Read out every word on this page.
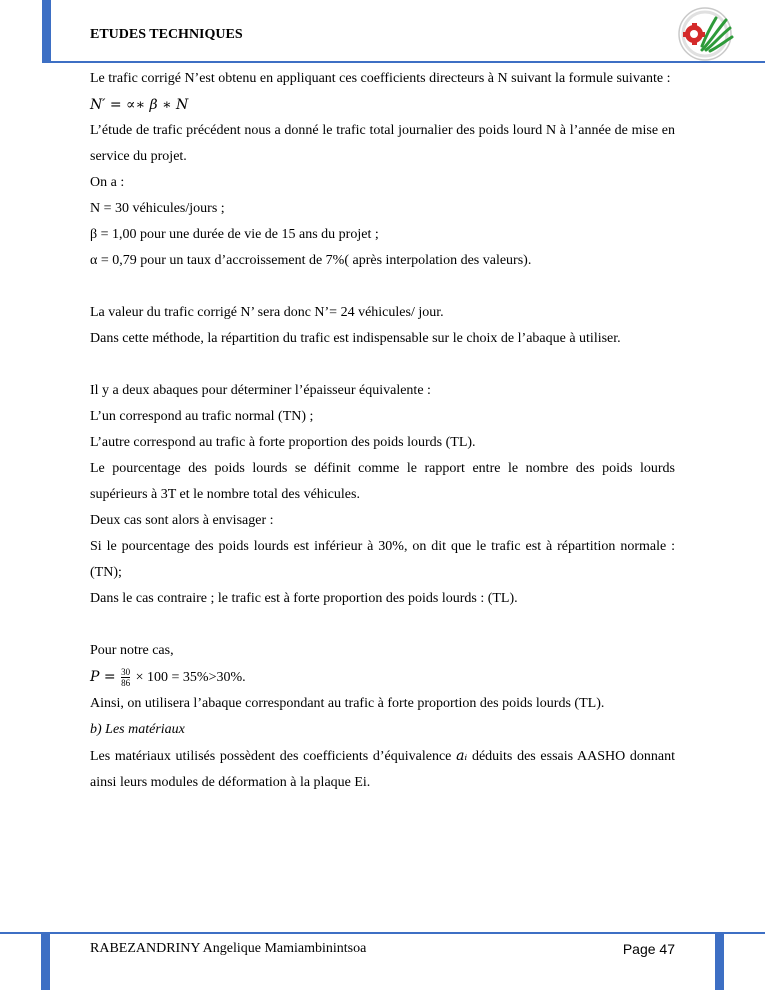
ETUDES TECHNIQUES

Le trafic corrigé N’est obtenu en appliquant ces coefficients directeurs à N suivant la formule suivante :

N′ = ∝∗ β ∗ N

L’étude de trafic précédent nous a donné le trafic total journalier des poids lourd N à l’année de mise en service du projet.

On a :

N = 30 véhicules/jours ;

β = 1,00 pour une durée de vie de 15 ans du projet ;

α = 0,79 pour un taux d’accroissement de 7%( après interpolation des valeurs).

La valeur du trafic corrigé N’ sera donc N’= 24 véhicules/ jour.

Dans cette méthode, la répartition du trafic est indispensable sur le choix de l’abaque à utiliser.

Il y a deux abaques pour déterminer l’épaisseur équivalente :

L’un correspond au trafic normal (TN) ;

L’autre correspond au trafic à forte proportion des poids lourds (TL).

Le pourcentage des poids lourds se définit comme le rapport entre le nombre des poids lourds supérieurs à 3T et le nombre total des véhicules.

Deux cas sont alors à envisager :

Si le pourcentage des poids lourds est inférieur à 30%, on dit que le trafic est à répartition normale : (TN);

Dans le cas contraire ; le trafic est à forte proportion des poids lourds : (TL).

Pour notre cas,

$P = \frac{30}{86} \times 100 = 35\%>30\%$.

Ainsi, on utilisera l’abaque correspondant au trafic à forte proportion des poids lourds (TL).

b) Les matériaux

Les matériaux utilisés possèdent des coefficients d’équivalence aᵢ déduits des essais AASHO donnant ainsi leurs modules de déformation à la plaque Ei.

RABEZANDRINY Angelique Mamiambinintsoa	Page 47
